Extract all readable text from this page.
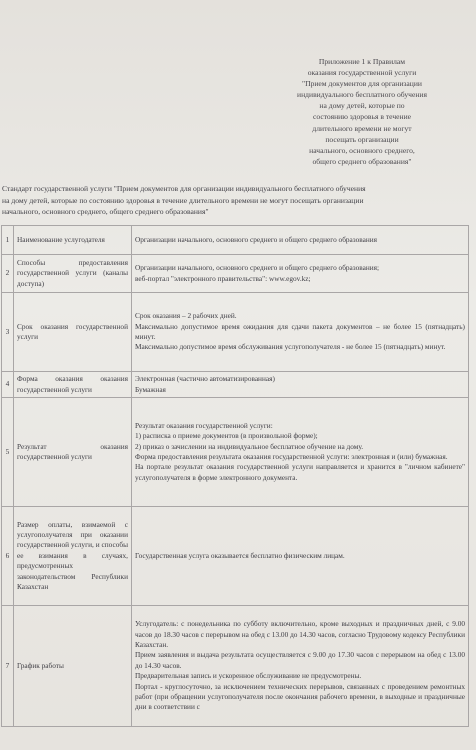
Приложение 1 к Правилам
оказания государственной услуги
"Прием документов для организации
индивидуального бесплатного обучения
на дому детей, которые по
состоянию здоровья в течение
длительного времени не могут
посещать организации
начального, основного среднего,
общего среднего образования"
Стандарт государственной услуги "Прием документов для организации индивидуального бесплатного обучения
на дому детей, которые по состоянию здоровья в течение длительного времени не могут посещать организации
начального, основного среднего, общего среднего образования"
1	Наименование услугодателя	Организации начального, основного среднего и общего среднего образования

2	Способы предоставления государственной услуги (каналы доступа)	Организации начального, основного среднего и общего среднего образования;
веб-портал "электронного правительства": www.egov.kz;

3	Срок оказания государственной услуги	Срок оказания – 2 рабочих дней.
Максимально допустимое время ожидания для сдачи пакета документов – не более 15 (пятнадцать) минут.
Максимально допустимое время обслуживания услугополучателя - не более 15 (пятнадцать) минут.

4	Форма оказания оказания государственной услуги	Электронная (частично автоматизированная)
Бумажная

5	Результат оказания государственной услуги	Результат оказания государственной услуги:
1) расписка о приеме документов (в произвольной форме);
2) приказ о зачислении на индивидуальное бесплатное обучение на дому.
Форма предоставления результата оказания государственной услуги: электронная и (или) бумажная.
На портале результат оказания государственной услуги направляется и хранится в "личном кабинете" услугополучателя в форме электронного документа.

6	Размер оплаты, взимаемой с услугополучателя при оказании государственной услуги, и способы ее взимания в случаях, предусмотренных законодательством Республики Казахстан	Государственная услуга оказывается бесплатно физическим лицам.

7	График работы	Услугодатель: с понедельника по субботу включительно, кроме выходных и праздничных дней, с 9.00 часов до 18.30 часов с перерывом на обед с 13.00 до 14.30 часов, согласно Трудовому кодексу Республики Казахстан.
Прием заявления и выдача результата осуществляется с 9.00 до 17.30 часов с перерывом на обед с 13.00 до 14.30 часов.
Предварительная запись и ускоренное обслуживание не предусмотрены.
Портал - круглосуточно, за исключением технических перерывов, связанных с проведением ремонтных работ (при обращении услугополучателя после окончания рабочего времени, в выходные и праздничные дни в соответствии с
